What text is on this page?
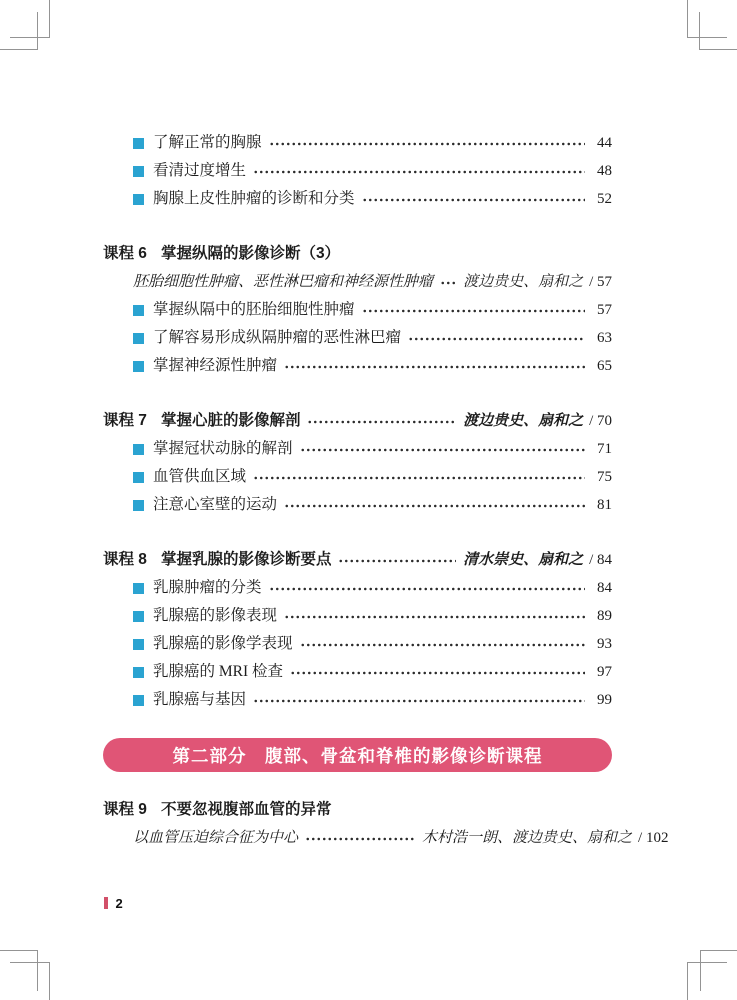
了解正常的胸腺	44
看清过度增生	48
胸腺上皮性肿瘤的诊断和分类	52
课程 6 掌握纵隔的影像诊断（3）
胚胎细胞性肿瘤、恶性淋巴瘤和神经源性肿瘤 渡边贵史、扇和之 / 57
掌握纵隔中的胚胎细胞性肿瘤	57
了解容易形成纵隔肿瘤的恶性淋巴瘤	63
掌握神经源性肿瘤	65
课程 7 掌握心脏的影像解剖	渡边贵史、扇和之 / 70
掌握冠状动脉的解剖	71
血管供血区域	75
注意心室壁的运动	81
课程 8 掌握乳腺的影像诊断要点	清水崇史、扇和之 / 84
乳腺肿瘤的分类	84
乳腺癌的影像表现	89
乳腺癌的影像学表现	93
乳腺癌的 MRI 检查	97
乳腺癌与基因	99
第二部分　腹部、骨盆和脊椎的影像诊断课程
课程 9 不要忽视腹部血管的异常
以血管压迫综合征为中心	木村浩一朗、渡边贵史、扇和之 / 102
2
